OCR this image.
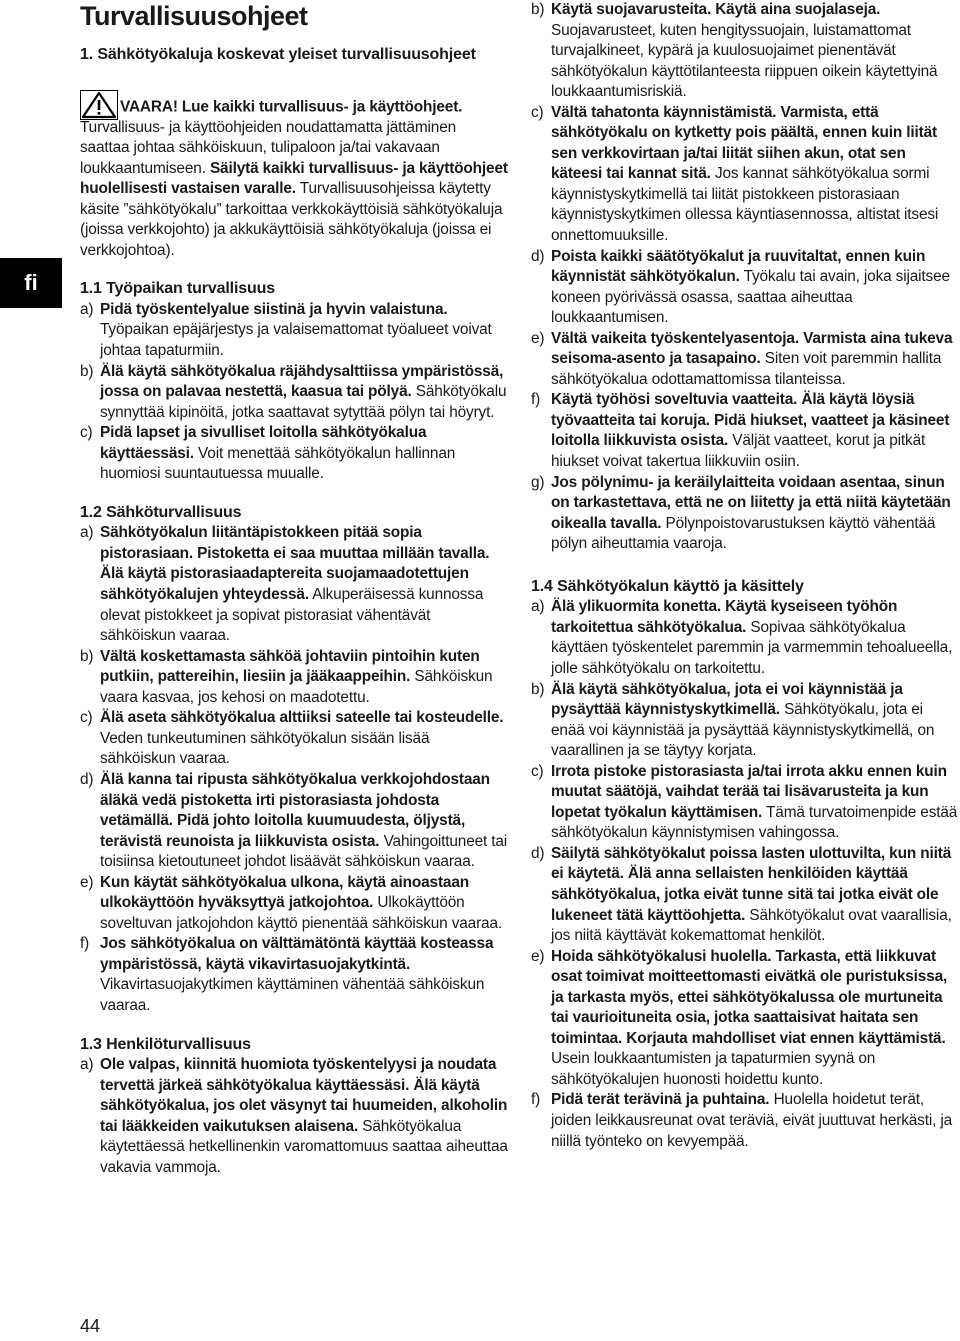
fi
Turvallisuusohjeet
1. Sähkötyökaluja koskevat yleiset turvallisuusohjeet

VAARA! Lue kaikki turvallisuus- ja käyttöohjeet. Turvallisuus- ja käyttöohjeiden noudattamatta jättäminen saattaa johtaa sähköiskuun, tulipaloon ja/tai vakavaan loukkaantumiseen. Säilytä kaikki turvallisuus- ja käyttöohjeet huolellisesti vastaisen varalle. Turvallisuusohjeissa käytetty käsite ”sähkötyökalu” tarkoittaa verkkokäyttöisiä sähkötyökaluja (joissa verkkojohto) ja akkukäyttöisiä sähkötyökaluja (joissa ei verkkojohtoa).

1.1 Työpaikan turvallisuus
a) Pidä työskentelyalue siistinä ja hyvin valaistuna. Työpaikan epäjärjestys ja valaisemattomat työalueet voivat johtaa tapaturmiin.
b) Älä käytä sähkötyökalua räjähdysalttiissa ympäristössä, jossa on palavaa nestettä, kaasua tai pölyä. Sähkötyökalu synnyttää kipinöitä, jotka saattavat sytyttää pölyn tai höyryt.
c) Pidä lapset ja sivulliset loitolla sähkötyökalua käyttäessäsi. Voit menettää sähkötyökalun hallinnan huomiosi suuntautuessa muualle.
1.2 Sähköturvallisuus
a) Sähkötyökalun liitäntäpistokkeen pitää sopia pistorasiaan. Pistoketta ei saa muuttaa millään tavalla. Älä käytä pistorasiaadaptereita suojamaadotettujen sähkötyökalujen yhteydessä. Alkuperäisessä kunnossa olevat pistokkeet ja sopivat pistorasiat vähentävät sähköiskun vaaraa.
b) Vältä koskettamasta sähköä johtaviin pintoihin kuten putkiin, pattereihin, liesiin ja jääkaappeihin. Sähköiskun vaara kasvaa, jos kehosi on maadotettu.
c) Älä aseta sähkötyökalua alttiiksi sateelle tai kosteudelle. Veden tunkeutuminen sähkötyökalun sisään lisää sähköiskun vaaraa.
d) Älä kanna tai ripusta sähkötyökalua verkkojohdostaan äläkä vedä pistoketta irti pistorasiasta johdosta vetämällä. Pidä johto loitolla kuumuudesta, öljystä, terävistä reunoista ja liikkuvista osista. Vahingoittuneet tai toisiinsa kietoutuneet johdot lisäävät sähköiskun vaaraa.
e) Kun käytät sähkötyökalua ulkona, käytä ainoastaan ulkokäyttöön hyväksyttyä jatkojohtoa. Ulkokäyttöön soveltuvan jatkojohdon käyttö pienentää sähköiskun vaaraa.
f) Jos sähkötyökalua on välttämätöntä käyttää kosteassa ympäristössä, käytä vikavirtasuojakytkintä. Vikavirtasuojakytkimen käyttäminen vähentää sähköiskun vaaraa.
1.3 Henkilöturvallisuus
a) Ole valpas, kiinnitä huomiota työskentelyysi ja noudata tervettä järkeä sähkötyökalua käyttäessäsi. Älä käytä sähkötyökalua, jos olet väsynyt tai huumeiden, alkoholin tai lääkkeiden vaikutuksen alaisena. Sähkötyökalua käytettäessä hetkellinenkin varomattomuus saattaa aiheuttaa vakavia vammoja.
b) Käytä suojavarusteita. Käytä aina suojalaseja. Suojavarusteet, kuten hengityssuojain, luistamattomat turvajalkineet, kypärä ja kuulosuojaimet pienentävät sähkötyökalun käyttötilanteesta riippuen oikein käytettyinä loukkaantumisriskiä.
c) Vältä tahatonta käynnistämistä. Varmista, että sähkötyökalu on kytketty pois päältä, ennen kuin liität sen verkkovirtaan ja/tai liität siihen akun, otat sen käteesi tai kannat sitä. Jos kannat sähkötyökalua sormi käynnistyskytkimellä tai liität pistokkeen pistorasiaan käynnistyskytkimen ollessa käyntiasennossa, altistat itsesi onnettomuuksille.
d) Poista kaikki säätötyökalut ja ruuvitaltat, ennen kuin käynnistät sähkötyökalun. Työkalu tai avain, joka sijaitsee koneen pyörivässä osassa, saattaa aiheuttaa loukkaantumisen.
e) Vältä vaikeita työskentelyasentoja. Varmista aina tukeva seisoma-asento ja tasapaino. Siten voit paremmin hallita sähkötyökalua odottamattomissa tilanteissa.
f) Käytä työhösi soveltuvia vaatteita. Älä käytä löysiä työvaatteita tai koruja. Pidä hiukset, vaatteet ja käsineet loitolla liikkuvista osista. Väljät vaatteet, korut ja pitkät hiukset voivat takertua liikkuviin osiin.
g) Jos pölynimu- ja keräilylaitteita voidaan asentaa, sinun on tarkastettava, että ne on liitetty ja että niitä käytetään oikealla tavalla. Pölynpoistovarustuksen käyttö vähentää pölyn aiheuttamia vaaroja.
1.4 Sähkötyökalun käyttö ja käsittely
a) Älä ylikuormita konetta. Käytä kyseiseen työhön tarkoitettua sähkötyökalua. Sopivaa sähkötyökalua käyttäen työskentelet paremmin ja varmemmin tehoalueella, jolle sähkötyökalu on tarkoitettu.
b) Älä käytä sähkötyökalua, jota ei voi käynnistää ja pysäyttää käynnistyskytkimellä. Sähkötyökalu, jota ei enää voi käynnistää ja pysäyttää käynnistyskytkimellä, on vaarallinen ja se täytyy korjata.
c) Irrota pistoke pistorasiasta ja/tai irrota akku ennen kuin muutat säätöjä, vaihdat terää tai lisävarusteita ja kun lopetat työkalun käyttämisen. Tämä turvatoimenpide estää sähkötyökalun käynnistymisen vahingossa.
d) Säilytä sähkötyökalut poissa lasten ulottuvilta, kun niitä ei käytetä. Älä anna sellaisten henkilöiden käyttää sähkötyökalua, jotka eivät tunne sitä tai jotka eivät ole lukeneet tätä käyttöohjetta. Sähkötyökalut ovat vaarallisia, jos niitä käyttävät kokemattomat henkilöt.
e) Hoida sähkötyökalusi huolella. Tarkasta, että liikkuvat osat toimivat moitteettomasti eivätkä ole puristuksissa, ja tarkasta myös, ettei sähkötyökalussa ole murtuneita tai vaurioituneita osia, jotka saattaisivat haitata sen toimintaa. Korjauta mahdolliset viat ennen käyttämistä. Usein loukkaantumisten ja tapaturmien syynä on sähkötyökalujen huonosti hoidettu kunto.
f) Pidä terät terävinä ja puhtaina. Huolella hoidetut terät, joiden leikkausreunat ovat teräviä, eivät juuttuvat herkästi, ja niillä työnteko on kevyempää.
44
